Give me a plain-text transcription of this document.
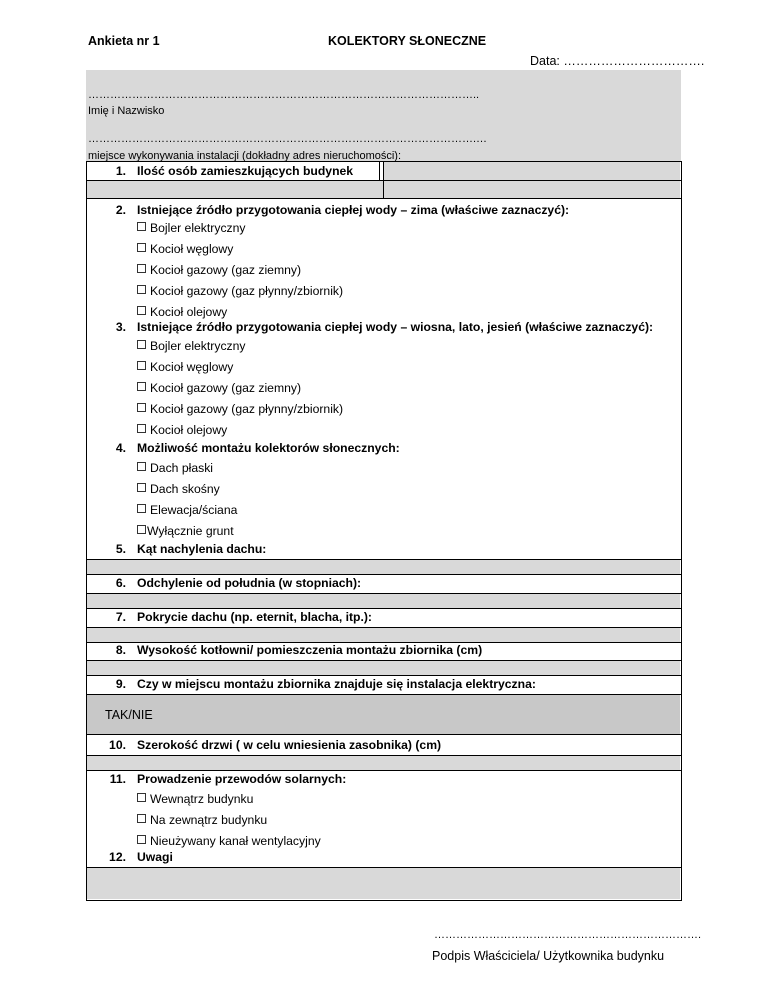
Ankieta nr 1	KOLEKTORY SŁONECZNE
Data: …………………………….
……………………………………………………………………………………………..
Imię i Nazwisko
…………………………………………………………………………………………….…
miejsce wykonywania instalacji (dokładny adres nieruchomości):
1. Ilość osób zamieszkujących budynek
2. Istniejące źródło przygotowania ciepłej wody – zima (właściwe zaznaczyć):
Bojler elektryczny
Kocioł węglowy
Kocioł gazowy (gaz ziemny)
Kocioł gazowy (gaz płynny/zbiornik)
Kocioł olejowy
3. Istniejące źródło przygotowania ciepłej wody – wiosna, lato, jesień (właściwe zaznaczyć):
Bojler elektryczny
Kocioł węglowy
Kocioł gazowy (gaz ziemny)
Kocioł gazowy (gaz płynny/zbiornik)
Kocioł olejowy
4. Możliwość montażu kolektorów słonecznych:
Dach płaski
Dach skośny
Elewacja/ściana
Wyłącznie grunt
5. Kąt nachylenia dachu:
6. Odchylenie od południa (w stopniach):
7. Pokrycie dachu (np. eternit, blacha, itp.):
8. Wysokość kotłowni/ pomieszczenia montażu zbiornika (cm)
9. Czy w miejscu montażu zbiornika znajduje się instalacja elektryczna:
TAK/NIE
10. Szerokość drzwi ( w celu wniesienia zasobnika) (cm)
11. Prowadzenie przewodów solarnych:
Wewnątrz budynku
Na zewnątrz budynku
Nieużywany kanał wentylacyjny
12. Uwagi
……………………………………………………………….
Podpis Właściciela/ Użytkownika budynku
